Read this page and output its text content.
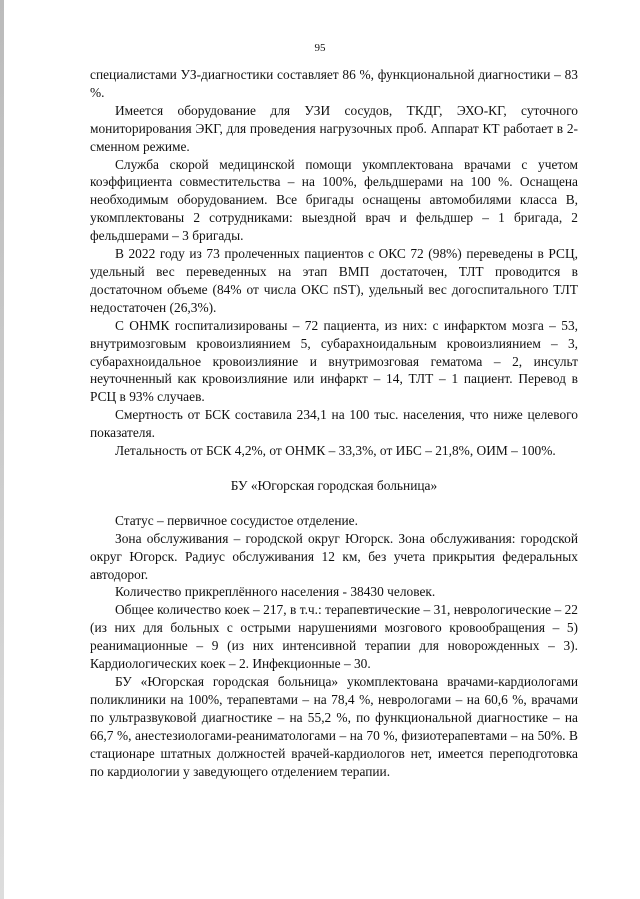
95

специалистами УЗ-диагностики составляет 86 %, функциональной диагностики – 83 %.

Имеется оборудование для УЗИ сосудов, ТКДГ, ЭХО-КГ, суточного мониторирования ЭКГ, для проведения нагрузочных проб. Аппарат КТ работает в 2-сменном режиме.

Служба скорой медицинской помощи укомплектована врачами с учетом коэффициента совместительства – на 100%, фельдшерами на 100 %. Оснащена необходимым оборудованием. Все бригады оснащены автомобилями класса В, укомплектованы 2 сотрудниками: выездной врач и фельдшер – 1 бригада, 2 фельдшерами – 3 бригады.

В 2022 году из 73 пролеченных пациентов с ОКС 72 (98%) переведены в РСЦ, удельный вес переведенных на этап ВМП достаточен, ТЛТ проводится в достаточном объеме (84% от числа ОКС пST), удельный вес догоспитального ТЛТ недостаточен (26,3%).

С ОНМК госпитализированы – 72 пациента, из них: с инфарктом мозга – 53, внутримозговым кровоизлиянием 5, субарахноидальным кровоизлиянием – 3, субарахноидальное кровоизлияние и внутримозговая гематома – 2, инсульт неуточненный как кровоизлияние или инфаркт – 14, ТЛТ – 1 пациент. Перевод в РСЦ в 93% случаев.

Смертность от БСК составила 234,1 на 100 тыс. населения, что ниже целевого показателя.

Летальность от БСК 4,2%, от ОНМК – 33,3%, от ИБС – 21,8%, ОИМ – 100%.

БУ «Югорская городская больница»

Статус – первичное сосудистое отделение.

Зона обслуживания – городской округ Югорск. Зона обслуживания: городской округ Югорск. Радиус обслуживания 12 км, без учета прикрытия федеральных автодорог.

Количество прикреплённого населения - 38430 человек.

Общее количество коек – 217, в т.ч.: терапевтические – 31, неврологические – 22 (из них для больных с острыми нарушениями мозгового кровообращения – 5) реанимационные – 9 (из них интенсивной терапии для новорожденных – 3). Кардиологических коек – 2. Инфекционные – 30.

БУ «Югорская городская больница» укомплектована врачами-кардиологами поликлиники на 100%, терапевтами – на 78,4 %, неврологами – на 60,6 %, врачами по ультразвуковой диагностике – на 55,2 %, по функциональной диагностике – на 66,7 %, анестезиологами-реаниматологами – на 70 %, физиотерапевтами – на 50%. В стационаре штатных должностей врачей-кардиологов нет, имеется переподготовка по кардиологии у заведующего отделением терапии.
